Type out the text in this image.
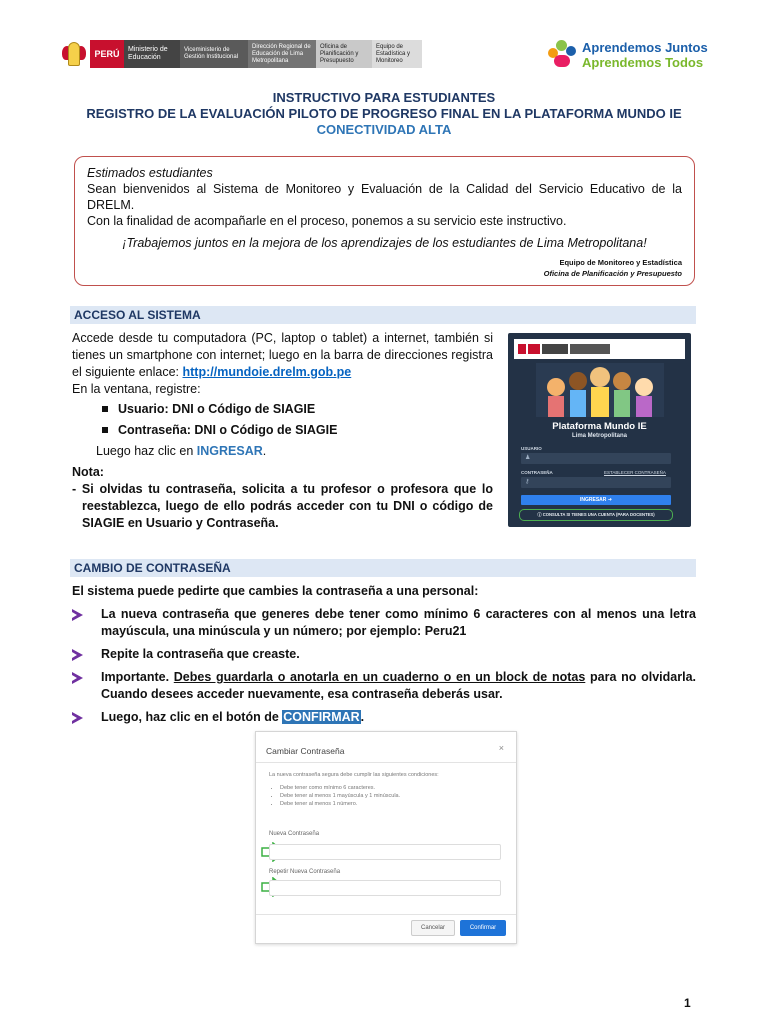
PERÚ	Ministerio de Educación
Viceministerio de Gestión Institucional
Dirección Regional de Educación de Lima Metropolitana
Oficina de Planificación y Presupuesto
Equipo de Estadística y Monitoreo
Aprendemos Juntos
Aprendemos Todos
INSTRUCTIVO PARA ESTUDIANTES
REGISTRO DE LA EVALUACIÓN PILOTO DE PROGRESO FINAL EN LA PLATAFORMA MUNDO IE
CONECTIVIDAD ALTA
Estimados estudiantes
Sean bienvenidos al Sistema de Monitoreo y Evaluación de la Calidad del Servicio Educativo de la DRELM.
Con la finalidad de acompañarle en el proceso, ponemos a su servicio este instructivo.
¡Trabajemos juntos en la mejora de los aprendizajes de los estudiantes de Lima Metropolitana!
Equipo de Monitoreo y Estadística
Oficina de Planificación y Presupuesto
ACCESO AL SISTEMA
Accede desde tu computadora (PC, laptop o tablet) a internet, también si tienes un smartphone con internet; luego en la barra de direcciones registra el siguiente enlace: http://mundoie.drelm.gob.pe
En la ventana, registre:
Usuario: DNI o Código de SIAGIE
Contraseña: DNI o Código de SIAGIE
Luego haz clic en INGRESAR.
Nota:
- Si olvidas tu contraseña, solicita a tu profesor o profesora que lo reestablezca, luego de ello podrás acceder con tu DNI o código de SIAGIE en Usuario y Contraseña.
Plataforma Mundo IE
Lima Metropolitana
USUARIO
♟
CONTRASEÑA	ESTABLECER CONTRASEÑA
⚷
INGRESAR ➜
ⓘ CONSULTA SI TIENES UNA CUENTA (PARA DOCENTES)
CAMBIO DE CONTRASEÑA
El sistema puede pedirte que cambies la contraseña a una personal:
La nueva contraseña que generes debe tener como mínimo 6 caracteres con al menos una letra mayúscula, una minúscula y un número; por ejemplo: Peru21
Repite la contraseña que creaste.
Importante. Debes guardarla o anotarla en un cuaderno o en un block de notas para no olvidarla. Cuando desees acceder nuevamente, esa contraseña deberás usar.
Luego, haz clic en el botón de CONFIRMAR.
Cambiar Contraseña	×
La nueva contraseña segura debe cumplir las siguientes condiciones:
• Debe tener como mínimo 6 caracteres.
• Debe tener al menos 1 mayúscula y 1 minúscula.
• Debe tener al menos 1 número.
Nueva Contraseña
Repetir Nueva Contraseña
Cancelar	Confirmar
1
